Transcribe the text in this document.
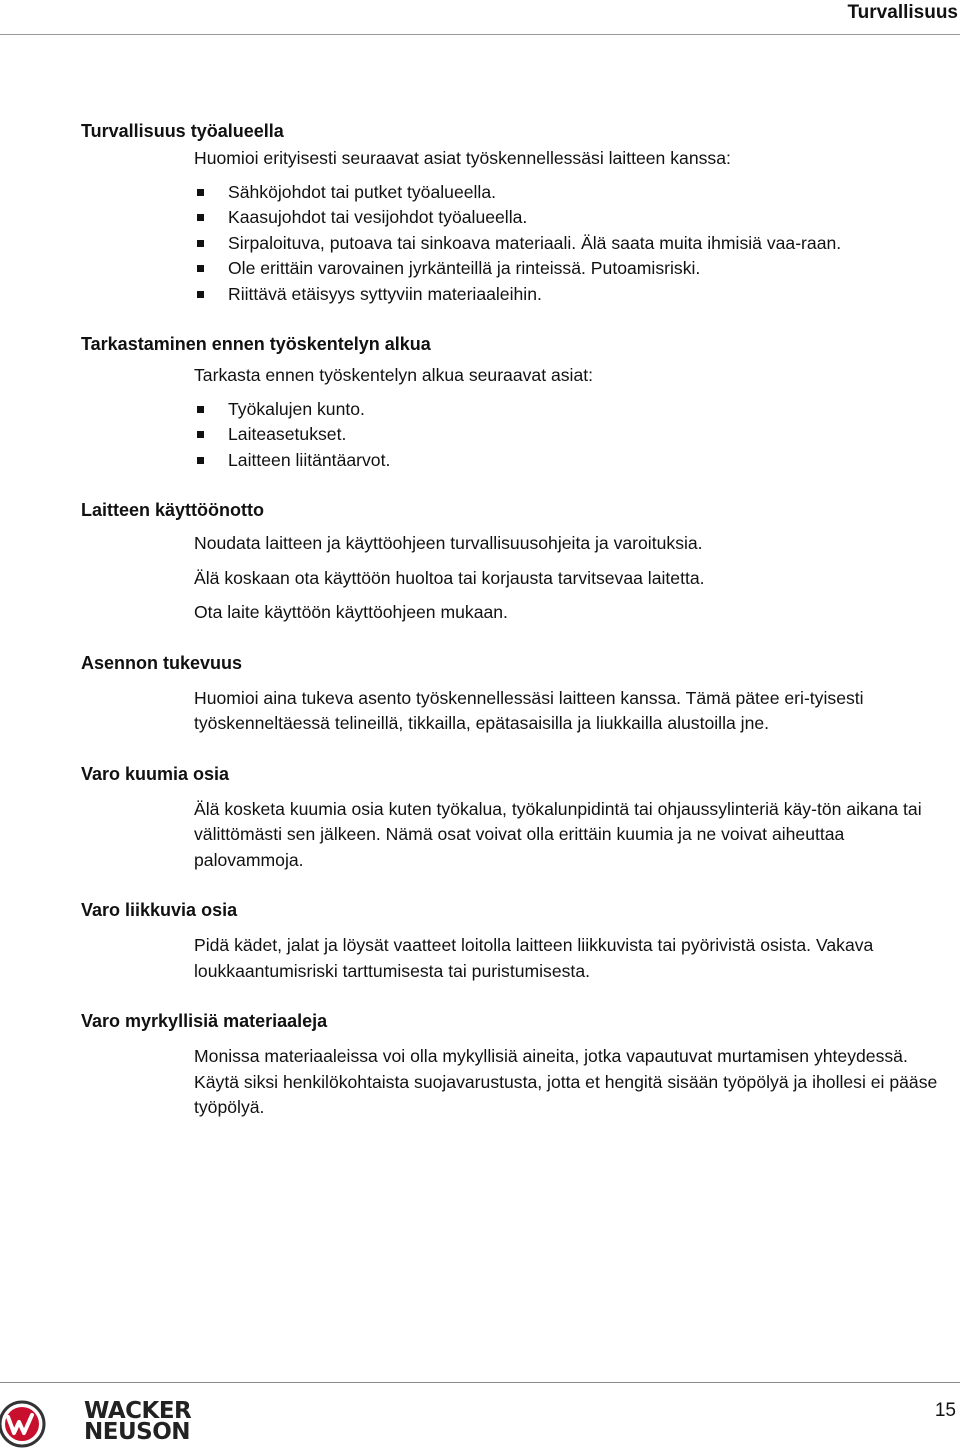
Turvallisuus
Turvallisuus työalueella

Huomioi erityisesti seuraavat asiat työskennellessäsi laitteen kanssa:

Sähköjohdot tai putket työalueella.
Kaasujohdot tai vesijohdot työalueella.
Sirpaloituva, putoava tai sinkoava materiaali. Älä saata muita ihmisiä vaa-raan.
Ole erittäin varovainen jyrkänteillä ja rinteissä. Putoamisriski.
Riittävä etäisyys syttyviin materiaaleihin.
Tarkastaminen ennen työskentelyn alkua

Tarkasta ennen työskentelyn alkua seuraavat asiat:

Työkalujen kunto.
Laiteasetukset.
Laitteen liitäntäarvot.
Laitteen käyttöönotto

Noudata laitteen ja käyttöohjeen turvallisuusohjeita ja varoituksia.

Älä koskaan ota käyttöön huoltoa tai korjausta tarvitsevaa laitetta.

Ota laite käyttöön käyttöohjeen mukaan.

Asennon tukevuus

Huomioi aina tukeva asento työskennellessäsi laitteen kanssa. Tämä pätee eri-tyisesti työskenneltäessä telineillä, tikkailla, epätasaisilla ja liukkailla alustoilla jne.

Varo kuumia osia

Älä kosketa kuumia osia kuten työkalua, työkalunpidintä tai ohjaussylinteriä käy-tön aikana tai välittömästi sen jälkeen. Nämä osat voivat olla erittäin kuumia ja ne voivat aiheuttaa palovammoja.

Varo liikkuvia osia

Pidä kädet, jalat ja löysät vaatteet loitolla laitteen liikkuvista tai pyörivistä osista. Vakava loukkaantumisriski tarttumisesta tai puristumisesta.

Varo myrkyllisiä materiaaleja

Monissa materiaaleissa voi olla mykyllisiä aineita, jotka vapautuvat murtamisen yhteydessä. Käytä siksi henkilökohtaista suojavarustusta, jotta et hengitä sisään työpölyä ja ihollesi ei pääse työpölyä.

WACKER
NEUSON
15
